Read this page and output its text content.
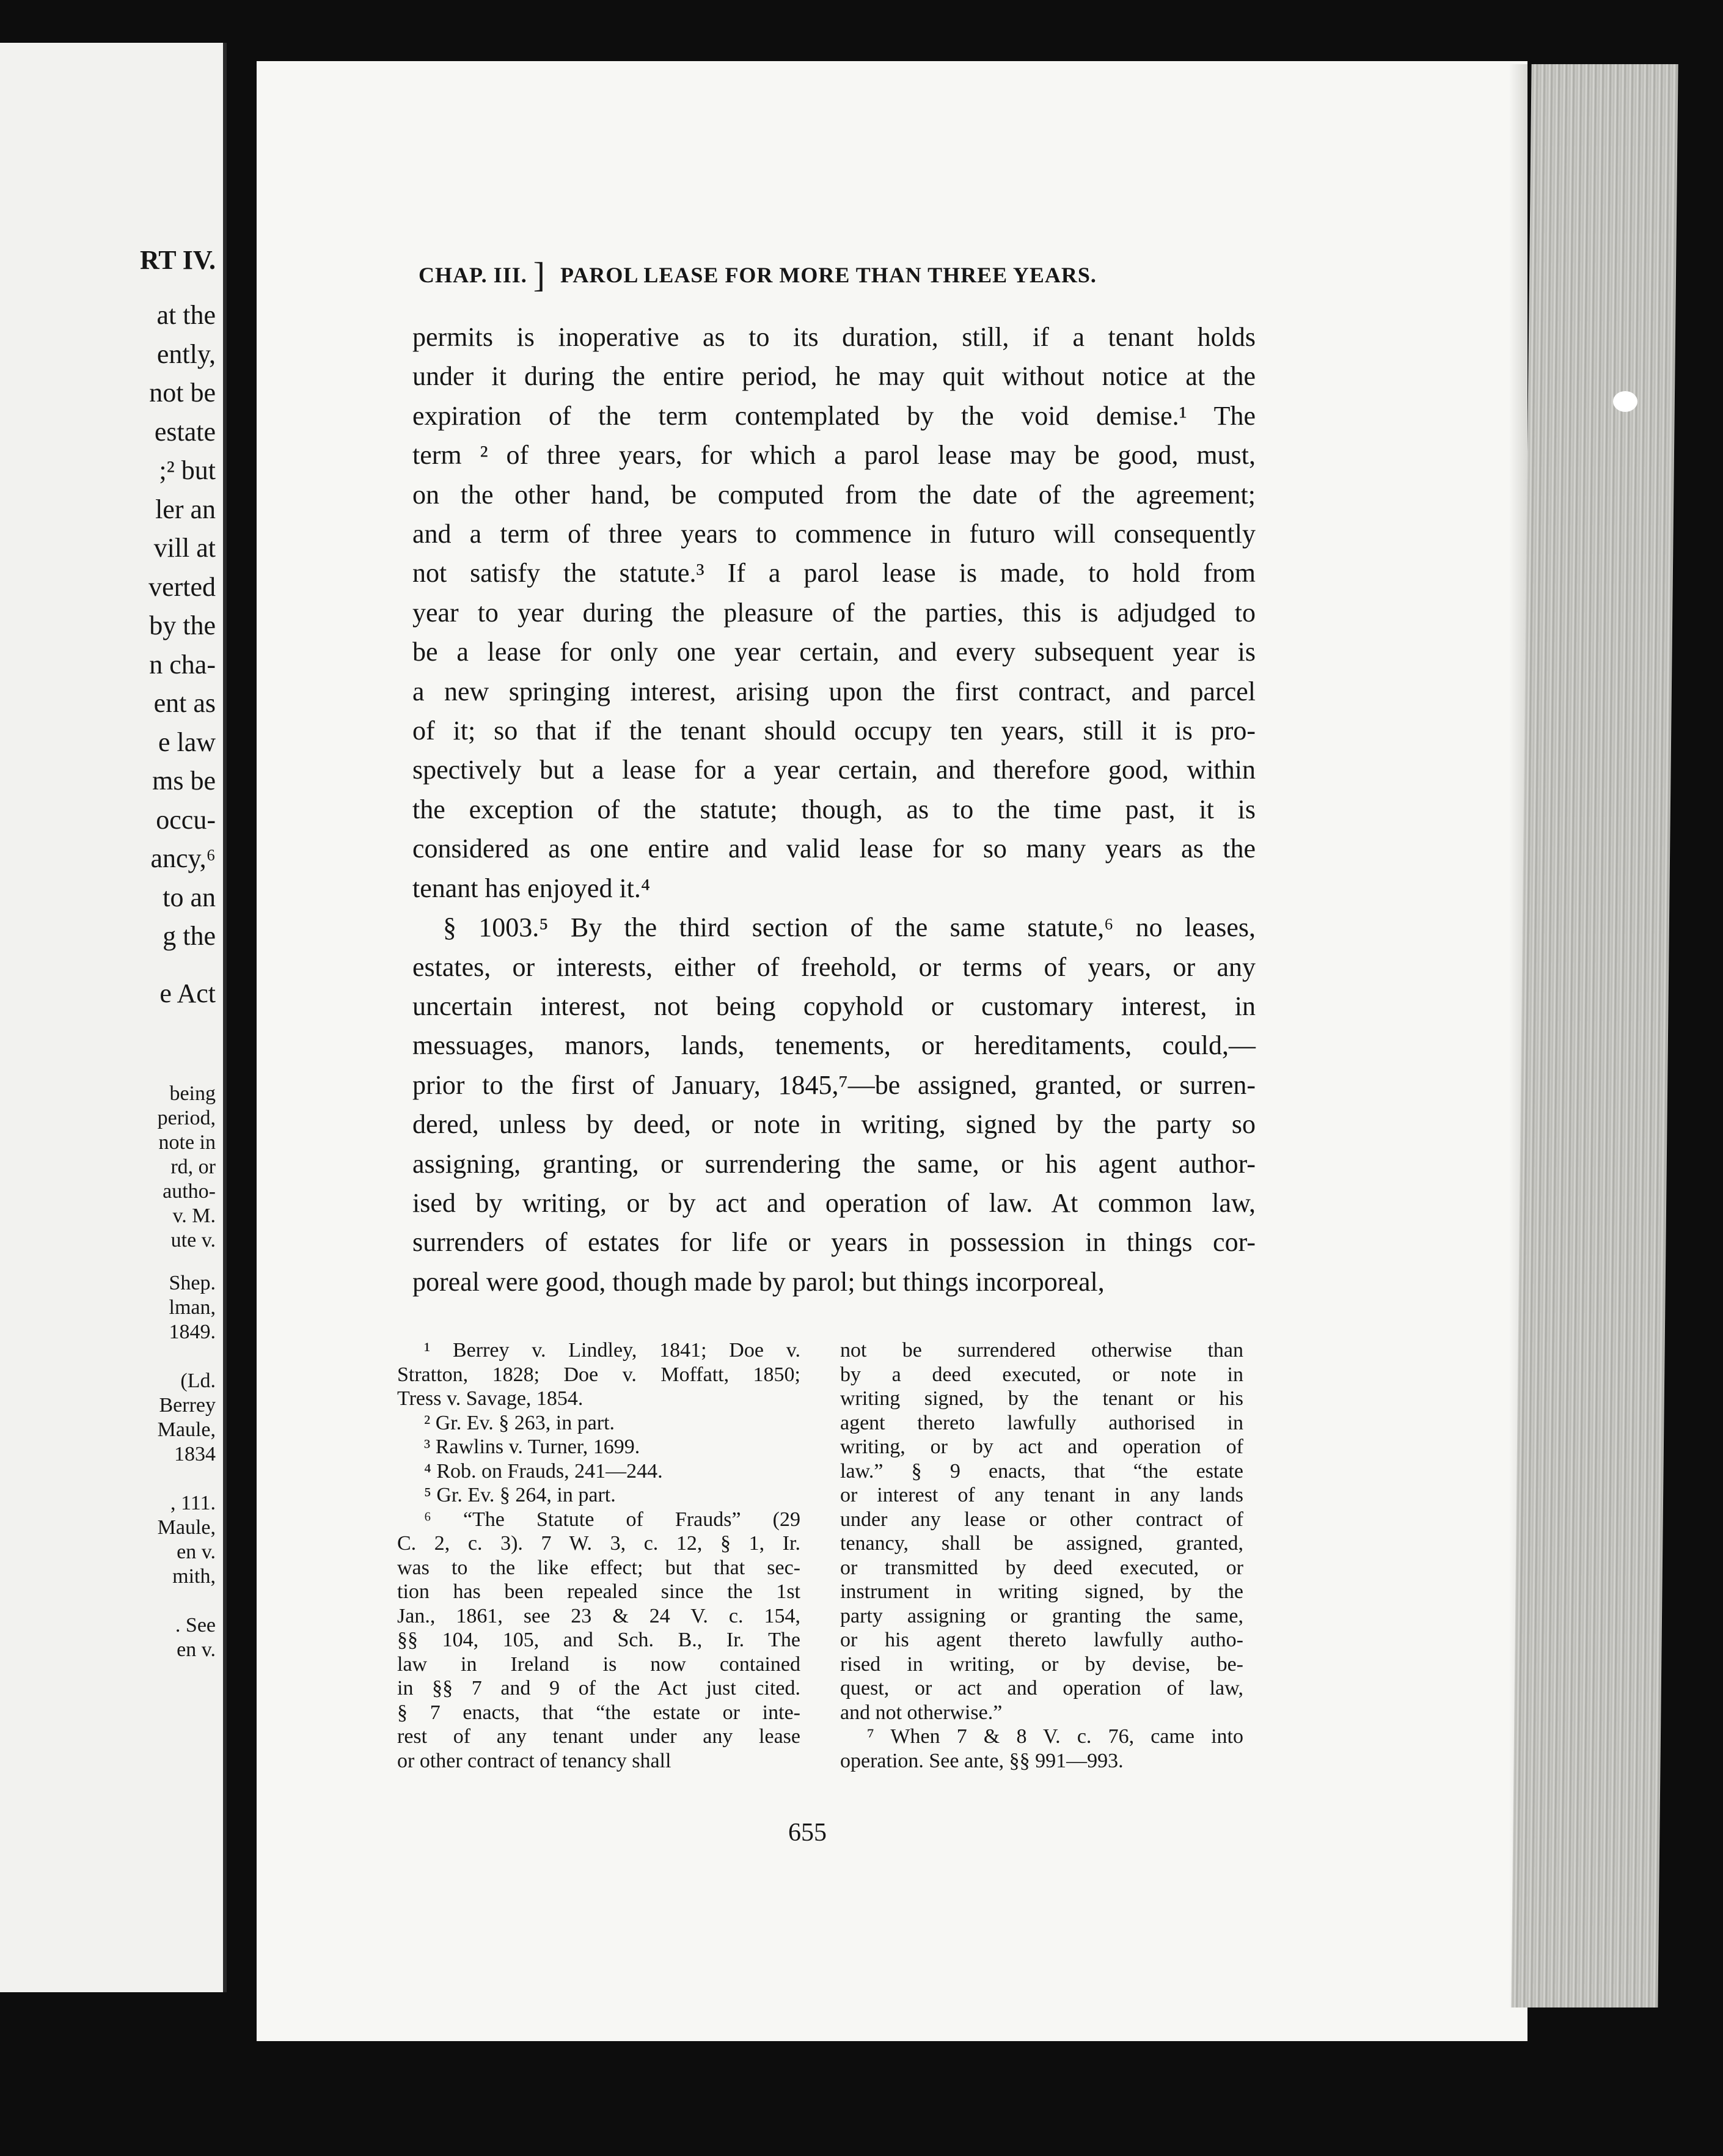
RT IV.
at the
ently,
not be
estate
;² but
ler an
vill at
verted
by the
n cha-
ent as
e law
ms be
occu-
ancy,⁶
to an
g the
e Act
being
period,
note in
rd, or
autho-
v. M.
ute v.
Shep.
lman,
1849.
(Ld.
Berrey
Maule,
1834
, 111.
Maule,
en v.
mith,
. See
en v.
CHAP. III. ] PAROL LEASE FOR MORE THAN THREE YEARS.
permits is inoperative as to its duration, still, if a tenant holds
under it during the entire period, he may quit without notice at the
expiration of the term contemplated by the void demise.¹ The
term ² of three years, for which a parol lease may be good, must,
on the other hand, be computed from the date of the agreement;
and a term of three years to commence in futuro will consequently
not satisfy the statute.³ If a parol lease is made, to hold from
year to year during the pleasure of the parties, this is adjudged to
be a lease for only one year certain, and every subsequent year is
a new springing interest, arising upon the first contract, and parcel
of it; so that if the tenant should occupy ten years, still it is pro-
spectively but a lease for a year certain, and therefore good, within
the exception of the statute; though, as to the time past, it is
considered as one entire and valid lease for so many years as the
tenant has enjoyed it.⁴
§ 1003.⁵ By the third section of the same statute,⁶ no leases,
estates, or interests, either of freehold, or terms of years, or any
uncertain interest, not being copyhold or customary interest, in
messuages, manors, lands, tenements, or hereditaments, could,—
prior to the first of January, 1845,⁷—be assigned, granted, or surren-
dered, unless by deed, or note in writing, signed by the party so
assigning, granting, or surrendering the same, or his agent author-
ised by writing, or by act and operation of law. At common law,
surrenders of estates for life or years in possession in things cor-
poreal were good, though made by parol; but things incorporeal,
¹ Berrey v. Lindley, 1841; Doe v.
Stratton, 1828; Doe v. Moffatt, 1850;
Tress v. Savage, 1854.
² Gr. Ev. § 263, in part.
³ Rawlins v. Turner, 1699.
⁴ Rob. on Frauds, 241—244.
⁵ Gr. Ev. § 264, in part.
⁶ “The Statute of Frauds” (29
C. 2, c. 3). 7 W. 3, c. 12, § 1, Ir.
was to the like effect; but that sec-
tion has been repealed since the 1st
Jan., 1861, see 23 & 24 V. c. 154,
§§ 104, 105, and Sch. B., Ir. The
law in Ireland is now contained
in §§ 7 and 9 of the Act just cited.
§ 7 enacts, that “the estate or inte-
rest of any tenant under any lease
or other contract of tenancy shall
not be surrendered otherwise than
by a deed executed, or note in
writing signed, by the tenant or his
agent thereto lawfully authorised in
writing, or by act and operation of
law.” § 9 enacts, that “the estate
or interest of any tenant in any lands
under any lease or other contract of
tenancy, shall be assigned, granted,
or transmitted by deed executed, or
instrument in writing signed, by the
party assigning or granting the same,
or his agent thereto lawfully autho-
rised in writing, or by devise, be-
quest, or act and operation of law,
and not otherwise.”
⁷ When 7 & 8 V. c. 76, came into
operation. See ante, §§ 991—993.
655
